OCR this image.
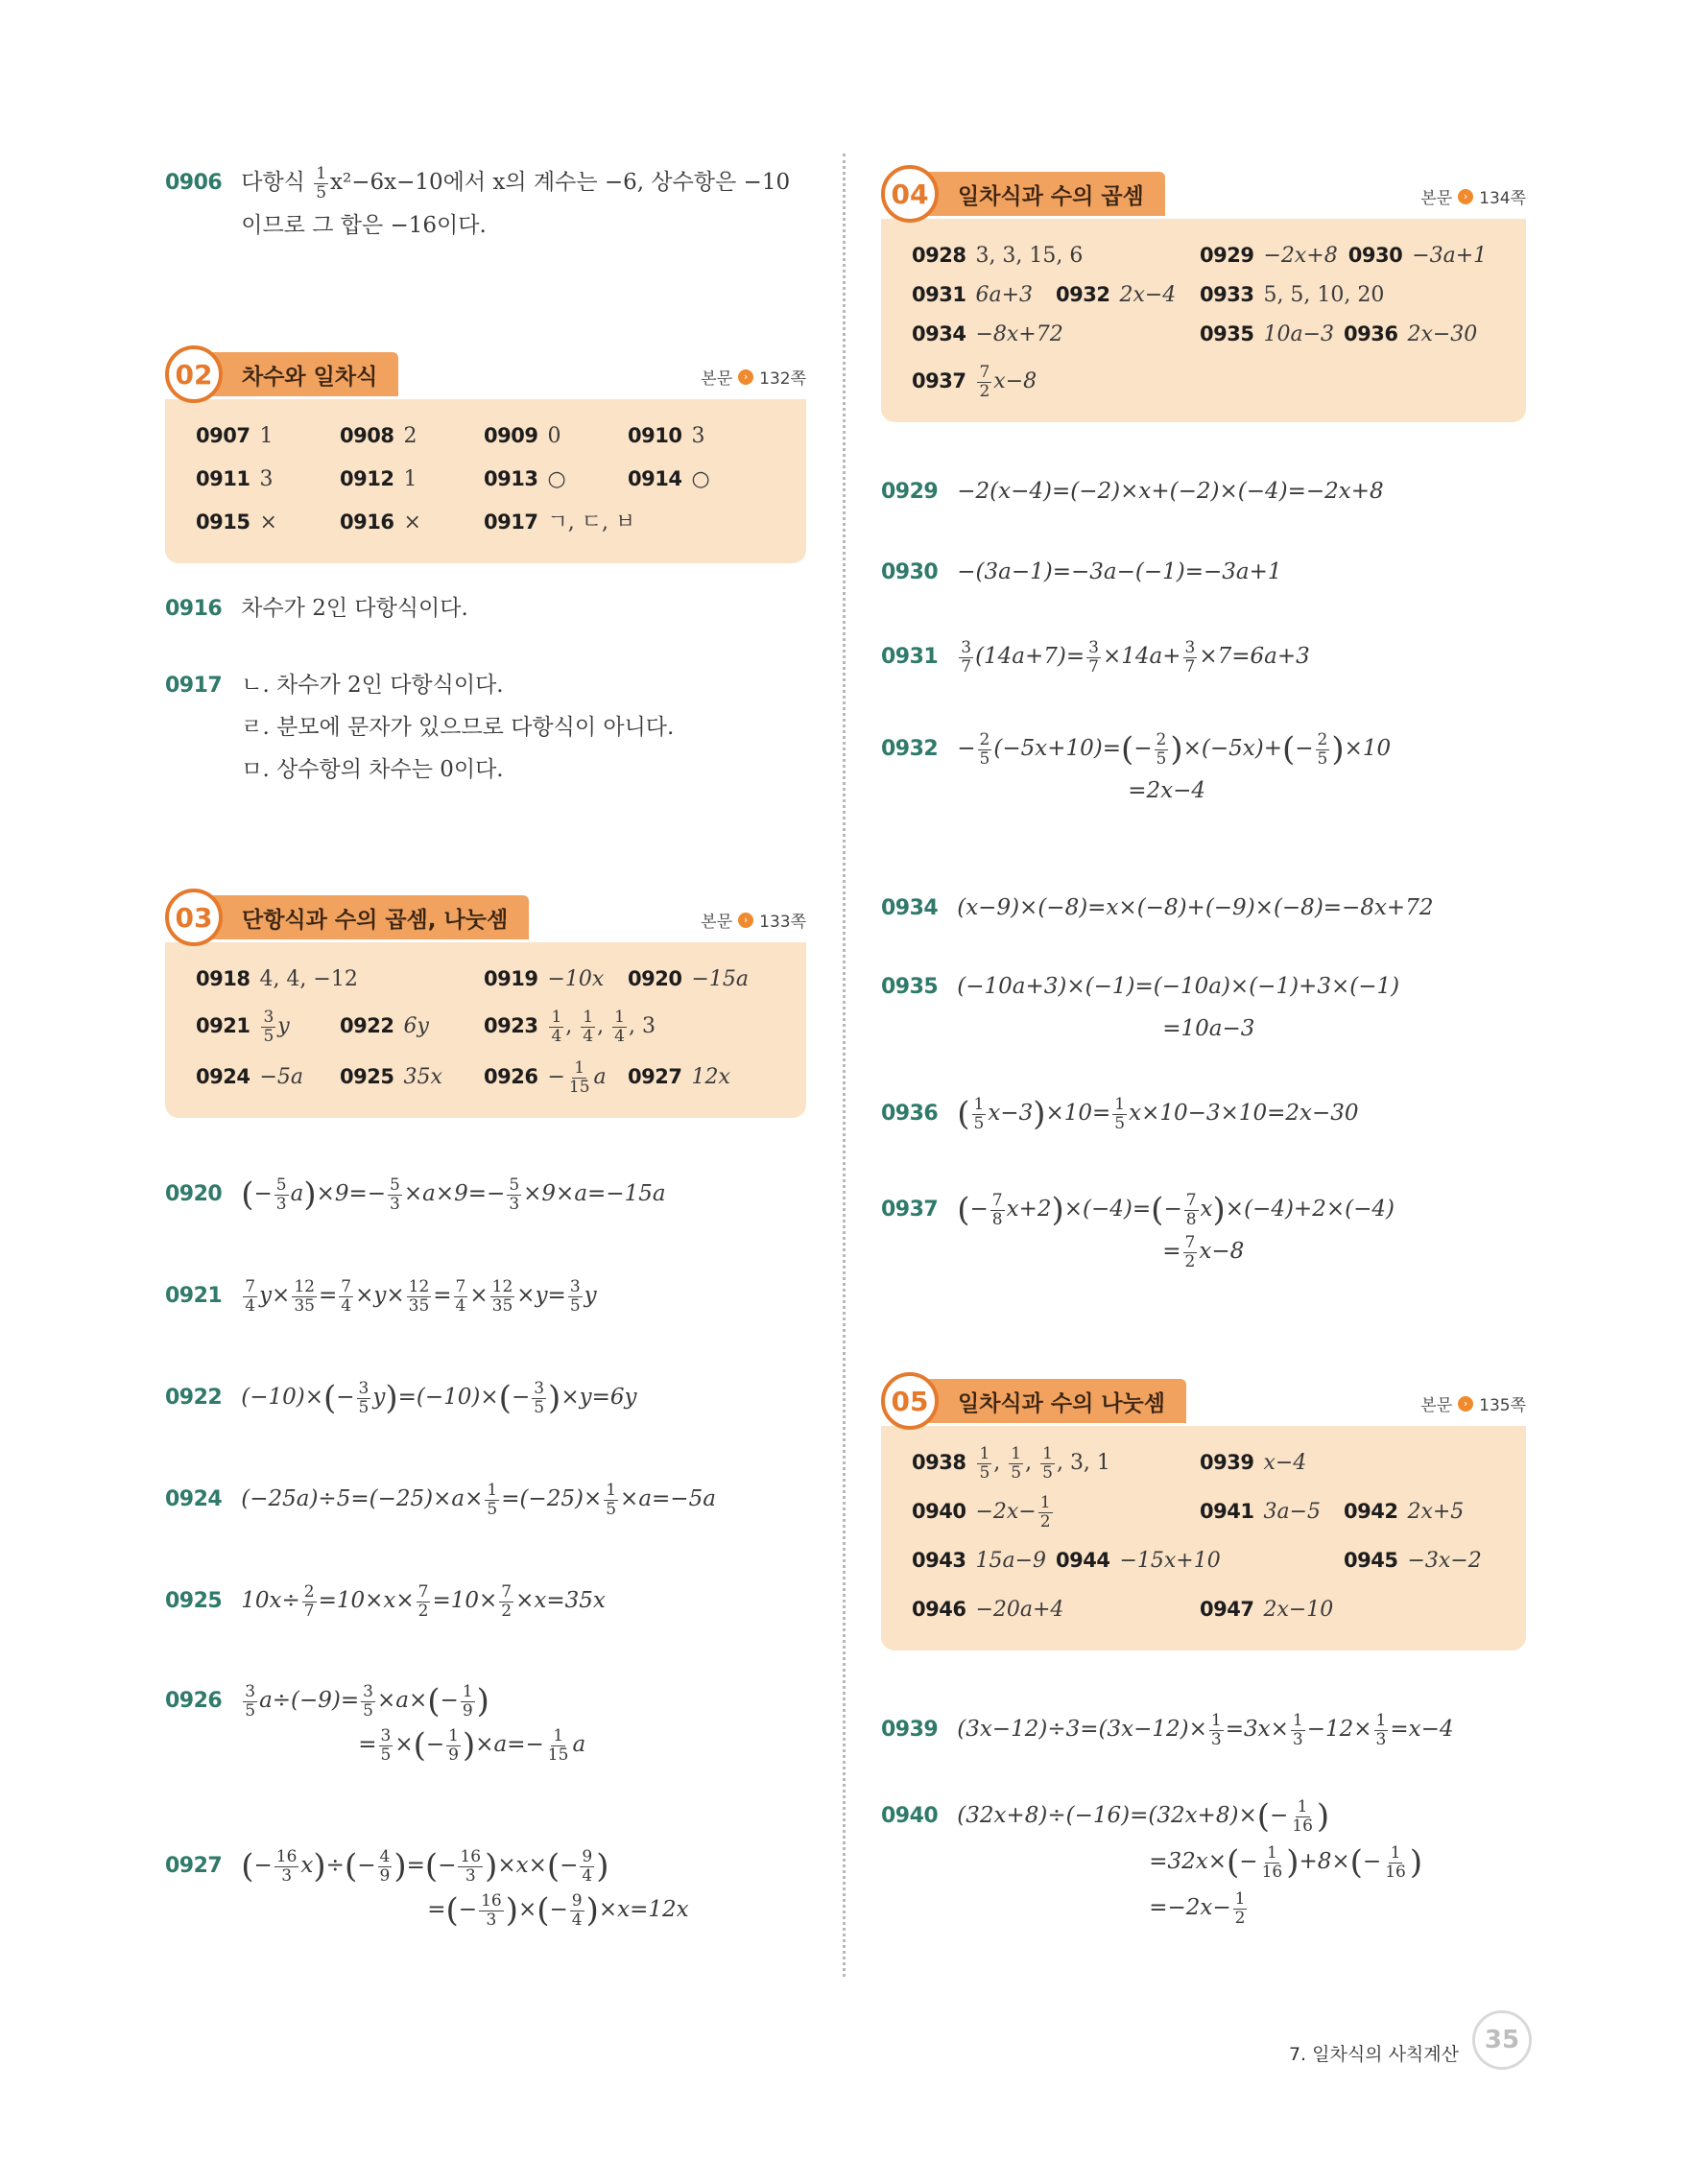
0906 다항식 $\frac{1}{5} x^2-6x-10$에서 x의 계수는 −6, 상수항은 −10
이므로 그 합은 −16이다.
02	차수와 일차식	본문	› 132쪽
0907 1	0908 2	0909 0	0910 3
0911 3	0912 1	0913 ○	0914 ○
0915 ×	0916 ×	0917 ㄱ, ㄷ, ㅂ
0916 차수가 2인 다항식이다.
0917 ㄴ. 차수가 2인 다항식이다.
ㄹ. 분모에 문자가 있으므로 다항식이 아니다.
ㅁ. 상수항의 차수는 0이다.
03	단항식과 수의 곱셈, 나눗셈	본문	› 133쪽
0918 4, 4, −12	0919 −10x	0920 −15a
$0921 \frac{3}{5}$ y	0922 6y	$0923 \frac{1}{4}$ , $\frac{1}{4}$ , $\frac{1}{4}$ , 3
0924 −5a	0925 35x	$0926 - \frac{1}{15}$ a	0927 12x
0920 (− $\frac{5}{3} a)\times 9=- \frac{5}{3} \times a\times 9=- \frac{5}{3} \times 9\times a=-15a$
$0921 \frac{7}{4} y\times \frac{12}{35} = \frac{7}{4} \times y\times \frac{12}{35} = \frac{7}{4} \times \frac{12}{35} \times y= \frac{3}{5}$ y
0922 $(-10)\times(- \frac{3}{5} y)=(-10)\times(- \frac{3}{5} )\times y=6y$
0924 $(-25a)\div 5=(-25)\times a\times \frac{1}{5} =(-25)\times \frac{1}{5} \times a=-5a$
0925 $10x\div \frac{2}{7} =10\times x\times \frac{7}{2} =10\times \frac{7}{2} \times x=35x$
$0926 \frac{3}{5} a\div(-9)= \frac{3}{5} \times a\times(- \frac{1}{9}$ )
= $\frac{3}{5}$ ×(− $\frac{1}{9} )\times a=- \frac{1}{15}$ a
0927 (− $\frac{16}{3} x)\div(- \frac{4}{9}$ )=(− $\frac{16}{3} )\times x\times(- \frac{9}{4}$ )
=(− $\frac{16}{3}$ )×(− $\frac{9}{4} )\times x=12x$
04	일차식과 수의 곱셈	본문	› 134쪽
0928 3, 3, 15, 6	0929 −2x+8 0930 −3a+1
0931 6a+3	0932 2x−4	0933 5, 5, 10, 20
0934 −8x+72	0935 10a−3 0936 2x−30
$0937 \frac{7}{2} x-8$
0929 −2(x−4)=(−2)×x+(−2)×(−4)=−2x+8
0930 −(3a−1)=−3a−(−1)=−3a+1
$0931 \frac{3}{7} (14a+7)= \frac{3}{7} \times 14a+ \frac{3}{7} \times 7=6a+3$
$0932 - \frac{2}{5} (-5x+10)=(- \frac{2}{5} )\times(-5x)+(- \frac{2}{5} )\times 10$
=2x−4
0934 (x−9)×(−8)=x×(−8)+(−9)×(−8)=−8x+72
0935 (−10a+3)×(−1)=(−10a)×(−1)+3×(−1)
=10a−3
0936 ( $\frac{1}{5} x-3)\times 10= \frac{1}{5} x\times 10-3\times 10=2x-30$
0937 (− $\frac{7}{8} x+2)\times(-4)=(- \frac{7}{8} x)\times(-4)+2\times(-4)$
= $\frac{7}{2} x-8$
05	일차식과 수의 나눗셈	본문	› 135쪽
$0938 \frac{1}{5}$ , $\frac{1}{5}$ , $\frac{1}{5}$ , 3, 1	0939 x−4
$0940 -2x- \frac{1}{2}$	0941 3a−5	0942 2x+5
0943 15a−9 0944 −15x+10	0945 −3x−2
0946 −20a+4	0947 2x−10
0939 $(3x-12)\div 3=(3x-12)\times \frac{1}{3} =3x\times \frac{1}{3} -12\times \frac{1}{3} =x-4$
0940 $(32x+8)\div(-16)=(32x+8)\times(- \frac{1}{16}$ )
$=32x\times(- \frac{1}{16} )+8\times(- \frac{1}{16}$ )
$=-2x- \frac{1}{2}$
7. 일차식의 사칙계산	35
